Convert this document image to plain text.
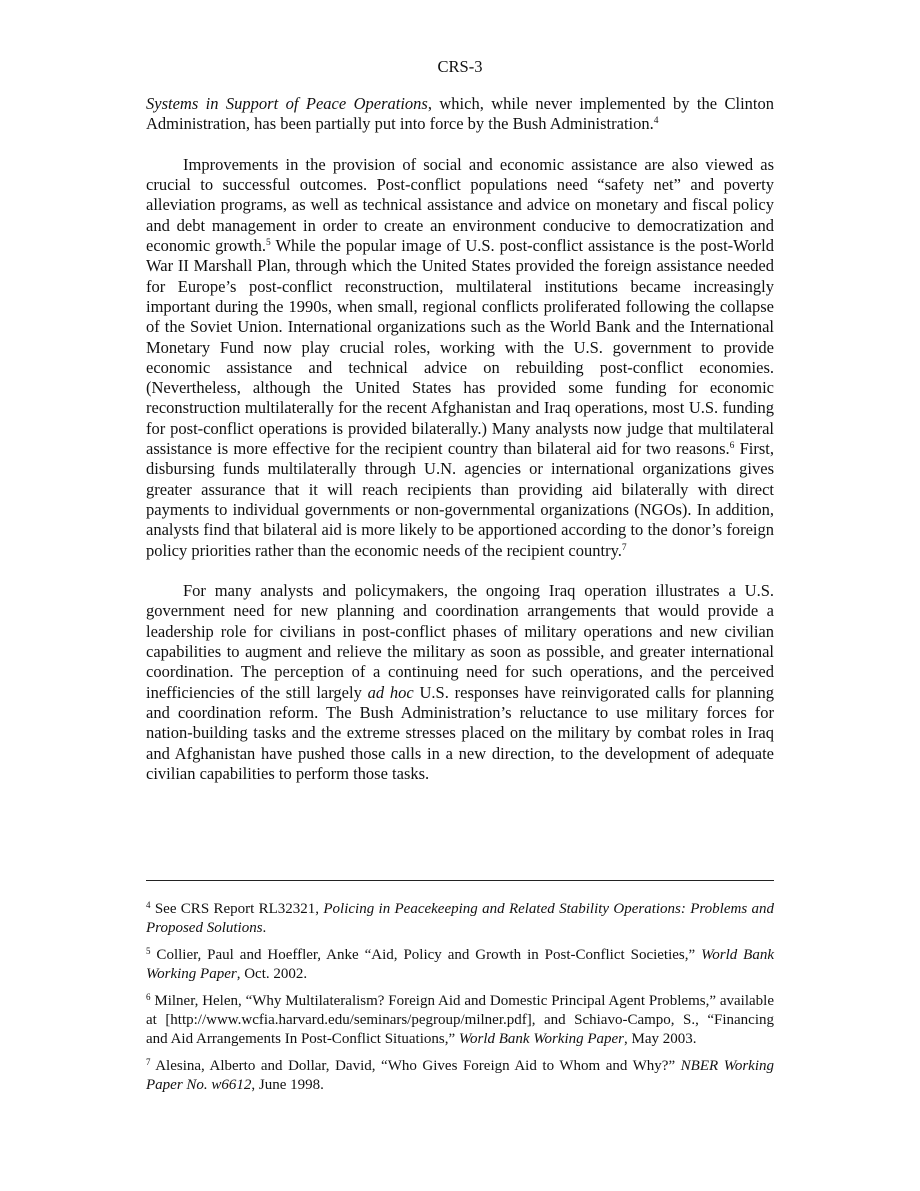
CRS-3

Systems in Support of Peace Operations, which, while never implemented by the Clinton Administration, has been partially put into force by the Bush Administration.$^4$

Improvements in the provision of social and economic assistance are also viewed as crucial to successful outcomes. Post-conflict populations need “safety net” and poverty alleviation programs, as well as technical assistance and advice on monetary and fiscal policy and debt management in order to create an environment conducive to democratization and economic growth.$^5$ While the popular image of U.S. post-conflict assistance is the post-World War II Marshall Plan, through which the United States provided the foreign assistance needed for Europe’s post-conflict reconstruction, multilateral institutions became increasingly important during the 1990s, when small, regional conflicts proliferated following the collapse of the Soviet Union. International organizations such as the World Bank and the International Monetary Fund now play crucial roles, working with the U.S. government to provide economic assistance and technical advice on rebuilding post-conflict economies. (Nevertheless, although the United States has provided some funding for economic reconstruction multilaterally for the recent Afghanistan and Iraq operations, most U.S. funding for post-conflict operations is provided bilaterally.) Many analysts now judge that multilateral assistance is more effective for the recipient country than bilateral aid for two reasons.$^6$ First, disbursing funds multilaterally through U.N. agencies or international organizations gives greater assurance that it will reach recipients than providing aid bilaterally with direct payments to individual governments or non-governmental organizations (NGOs). In addition, analysts find that bilateral aid is more likely to be apportioned according to the donor’s foreign policy priorities rather than the economic needs of the recipient country.$^7$

For many analysts and policymakers, the ongoing Iraq operation illustrates a U.S. government need for new planning and coordination arrangements that would provide a leadership role for civilians in post-conflict phases of military operations and new civilian capabilities to augment and relieve the military as soon as possible, and greater international coordination. The perception of a continuing need for such operations, and the perceived inefficiencies of the still largely ad hoc U.S. responses have reinvigorated calls for planning and coordination reform. The Bush Administration’s reluctance to use military forces for nation-building tasks and the extreme stresses placed on the military by combat roles in Iraq and Afghanistan have pushed those calls in a new direction, to the development of adequate civilian capabilities to perform those tasks.

$^4$ See CRS Report RL32321, Policing in Peacekeeping and Related Stability Operations: Problems and Proposed Solutions.

$^5$ Collier, Paul and Hoeffler, Anke “Aid, Policy and Growth in Post-Conflict Societies,” World Bank Working Paper, Oct. 2002.

$^6$ Milner, Helen, “Why Multilateralism? Foreign Aid and Domestic Principal Agent Problems,” available at [http://www.wcfia.harvard.edu/seminars/pegroup/milner.pdf], and Schiavo-Campo, S., “Financing and Aid Arrangements In Post-Conflict Situations,” World Bank Working Paper, May 2003.

$^7$ Alesina, Alberto and Dollar, David, “Who Gives Foreign Aid to Whom and Why?” NBER Working Paper No. w6612, June 1998.
